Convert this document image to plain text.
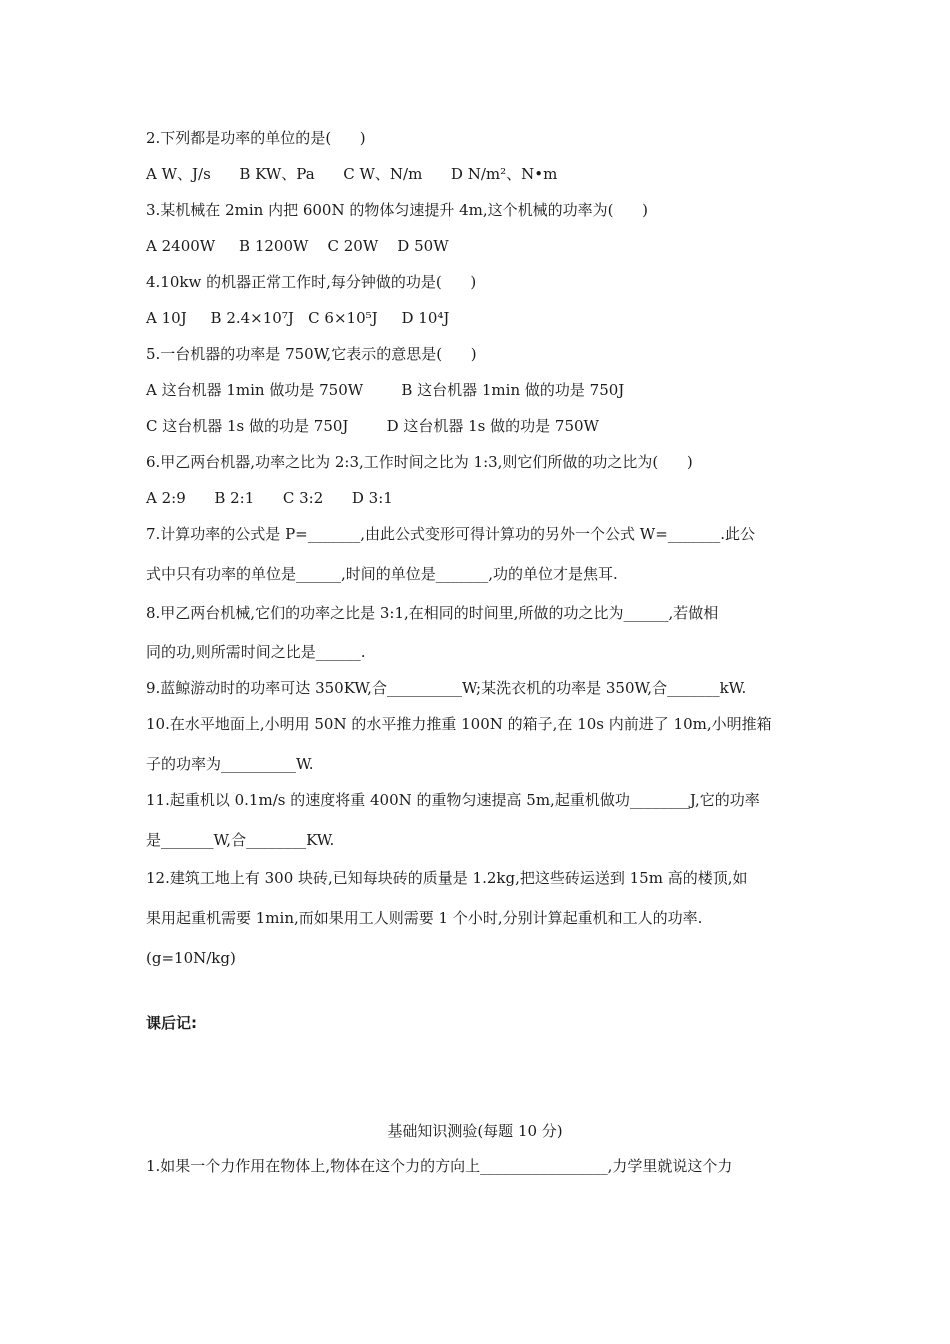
2.下列都是功率的单位的是(      )
A W、J/s      B KW、Pa      C W、N/m      D N/m²、N•m
3.某机械在 2min 内把 600N 的物体匀速提升 4m,这个机械的功率为(      )
A 2400W     B 1200W    C 20W    D 50W
4.10kw 的机器正常工作时,每分钟做的功是(      )
A 10J     B 2.4×10⁷J   C 6×10⁵J     D 10⁴J
5.一台机器的功率是 750W,它表示的意思是(      )
A 这台机器 1min 做功是 750W        B 这台机器 1min 做的功是 750J
C 这台机器 1s 做的功是 750J        D 这台机器 1s 做的功是 750W
6.甲乙两台机器,功率之比为 2:3,工作时间之比为 1:3,则它们所做的功之比为(      )
A 2:9      B 2:1      C 3:2      D 3:1
7.计算功率的公式是 P=_______,由此公式变形可得计算功的另外一个公式 W=_______.此公
式中只有功率的单位是______,时间的单位是_______,功的单位才是焦耳.
8.甲乙两台机械,它们的功率之比是 3:1,在相同的时间里,所做的功之比为______,若做相
同的功,则所需时间之比是______.
9.蓝鲸游动时的功率可达 350KW,合__________W;某洗衣机的功率是 350W,合_______kW.
10.在水平地面上,小明用 50N 的水平推力推重 100N 的箱子,在 10s 内前进了 10m,小明推箱
子的功率为__________W.
11.起重机以 0.1m/s 的速度将重 400N 的重物匀速提高 5m,起重机做功________J,它的功率
是_______W,合________KW.
12.建筑工地上有 300 块砖,已知每块砖的质量是 1.2kg,把这些砖运送到 15m 高的楼顶,如
果用起重机需要 1min,而如果用工人则需要 1 个小时,分别计算起重机和工人的功率.
(g=10N/kg)
课后记:
基础知识测验(每题 10 分)
1.如果一个力作用在物体上,物体在这个力的方向上_________________,力学里就说这个力
